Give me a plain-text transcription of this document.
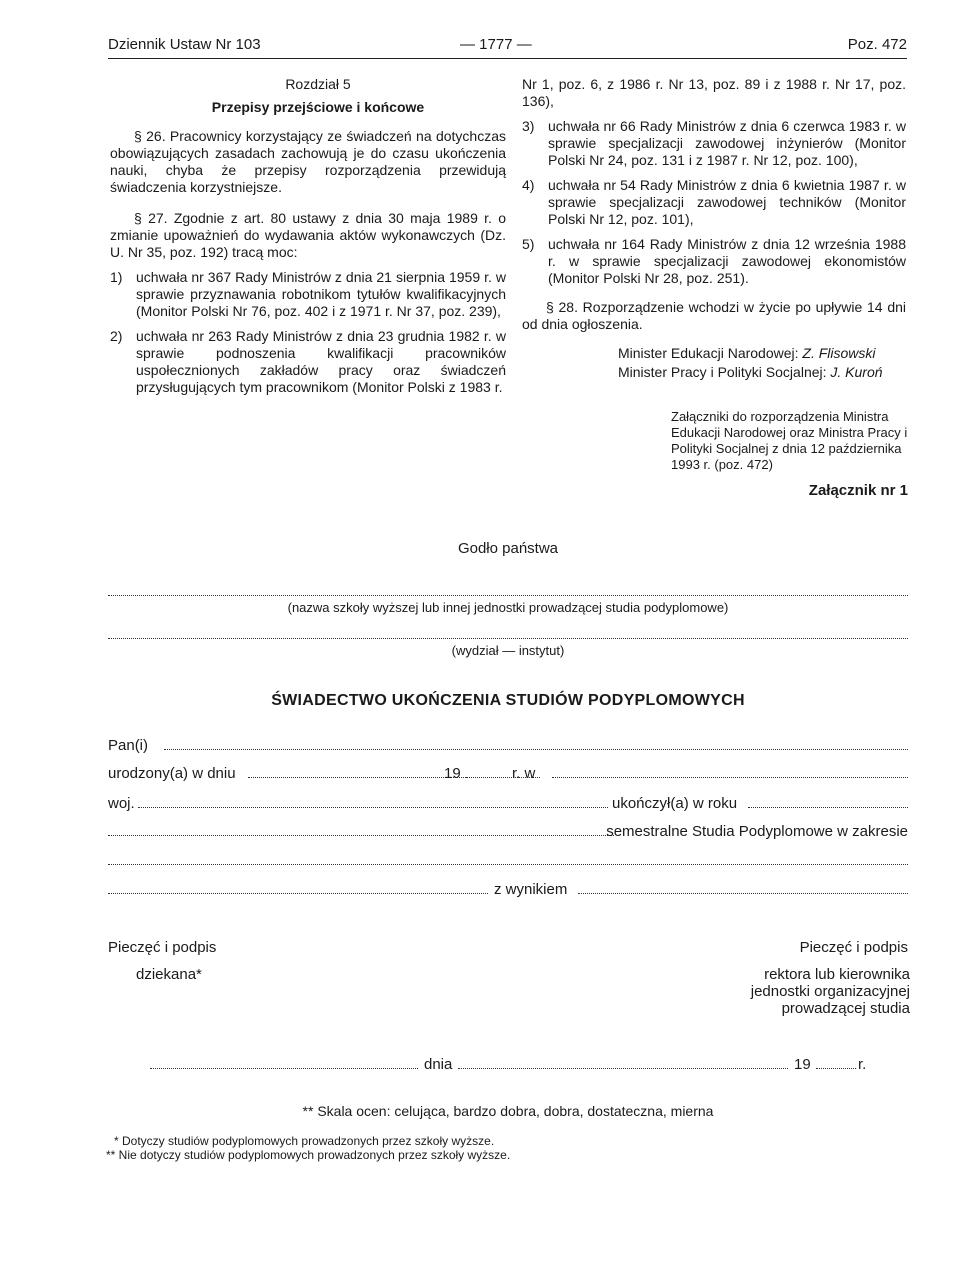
Dziennik Ustaw Nr 103	— 1777 —	Poz. 472

Rozdział 5

Przepisy przejściowe i końcowe

§ 26. Pracownicy korzystający ze świadczeń na dotychczas obowiązujących zasadach zachowują je do czasu ukończenia nauki, chyba że przepisy rozporządzenia przewidują świadczenia korzystniejsze.

§ 27. Zgodnie z art. 80 ustawy z dnia 30 maja 1989 r. o zmianie upoważnień do wydawania aktów wykonawczych (Dz. U. Nr 35, poz. 192) tracą moc:

1) uchwała nr 367 Rady Ministrów z dnia 21 sierpnia 1959 r. w sprawie przyznawania robotnikom tytułów kwalifikacyjnych (Monitor Polski Nr 76, poz. 402 i z 1971 r. Nr 37, poz. 239),
2) uchwała nr 263 Rady Ministrów z dnia 23 grudnia 1982 r. w sprawie podnoszenia kwalifikacji pracowników uspołecznionych zakładów pracy oraz świadczeń przysługujących tym pracownikom (Monitor Polski z 1983 r.

Nr 1, poz. 6, z 1986 r. Nr 13, poz. 89 i z 1988 r. Nr 17, poz. 136),

3) uchwała nr 66 Rady Ministrów z dnia 6 czerwca 1983 r. w sprawie specjalizacji zawodowej inżynierów (Monitor Polski Nr 24, poz. 131 i z 1987 r. Nr 12, poz. 100),
4) uchwała nr 54 Rady Ministrów z dnia 6 kwietnia 1987 r. w sprawie specjalizacji zawodowej techników (Monitor Polski Nr 12, poz. 101),
5) uchwała nr 164 Rady Ministrów z dnia 12 września 1988 r. w sprawie specjalizacji zawodowej ekonomistów (Monitor Polski Nr 28, poz. 251).

§ 28. Rozporządzenie wchodzi w życie po upływie 14 dni od dnia ogłoszenia.

Minister Edukacji Narodowej: Z. Flisowski

Minister Pracy i Polityki Socjalnej: J. Kuroń

Załączniki do rozporządzenia Ministra Edukacji Narodowej oraz Ministra Pracy i Polityki Socjalnej z dnia 12 października 1993 r. (poz. 472)
Załącznik nr 1
Godło państwa
(nazwa szkoły wyższej lub innej jednostki prowadzącej studia podyplomowe)
(wydział — instytut)
ŚWIADECTWO UKOŃCZENIA STUDIÓW PODYPLOMOWYCH
Pan(i)
urodzony(a) w dniu	19	r. w
woj.	ukończył(a) w roku
semestralne Studia Podyplomowe w zakresie
z wynikiem
Pieczęć i podpis
dziekana*
Pieczęć i podpis
rektora lub kierownika jednostki organizacyjnej prowadzącej studia
dnia	19	r.
** Skala ocen: celująca, bardzo dobra, dobra, dostateczna, mierna
* Dotyczy studiów podyplomowych prowadzonych przez szkoły wyższe.
** Nie dotyczy studiów podyplomowych prowadzonych przez szkoły wyższe.
